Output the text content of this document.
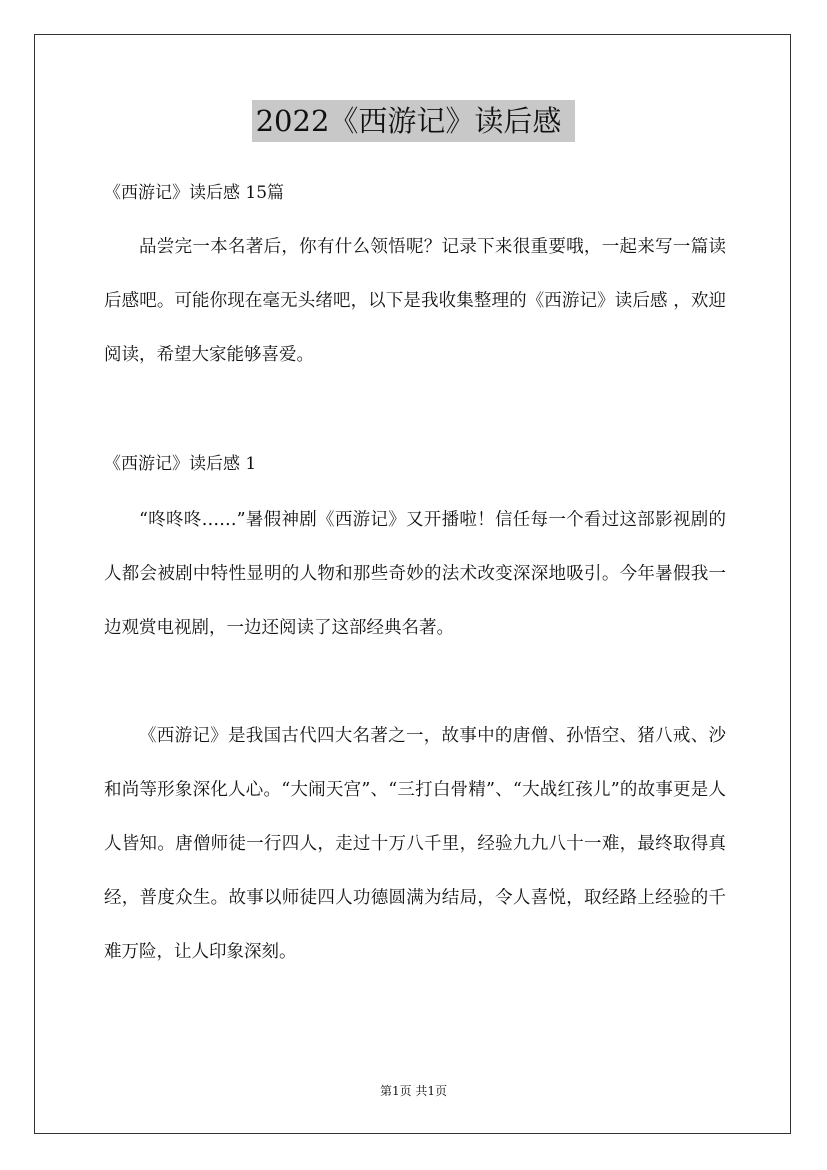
2022《西游记》读后感
《西游记》读后感 15篇

品尝完一本名著后，你有什么领悟呢？记录下来很重要哦，一起来写一篇读后感吧。可能你现在毫无头绪吧，以下是我收集整理的《西游记》读后感 ，欢迎阅读，希望大家能够喜爱。

《西游记》读后感 1

“咚咚咚……”暑假神剧《西游记》又开播啦！信任每一个看过这部影视剧的人都会被剧中特性显明的人物和那些奇妙的法术改变深深地吸引。今年暑假我一边观赏电视剧，一边还阅读了这部经典名著。

《西游记》是我国古代四大名著之一，故事中的唐僧、孙悟空、猪八戒、沙和尚等形象深化人心。“大闹天宫”、“三打白骨精”、“大战红孩儿”的故事更是人人皆知。唐僧师徒一行四人，走过十万八千里，经验九九八十一难，最终取得真经，普度众生。故事以师徒四人功德圆满为结局，令人喜悦，取经路上经验的千难万险，让人印象深刻。

第1页 共1页
